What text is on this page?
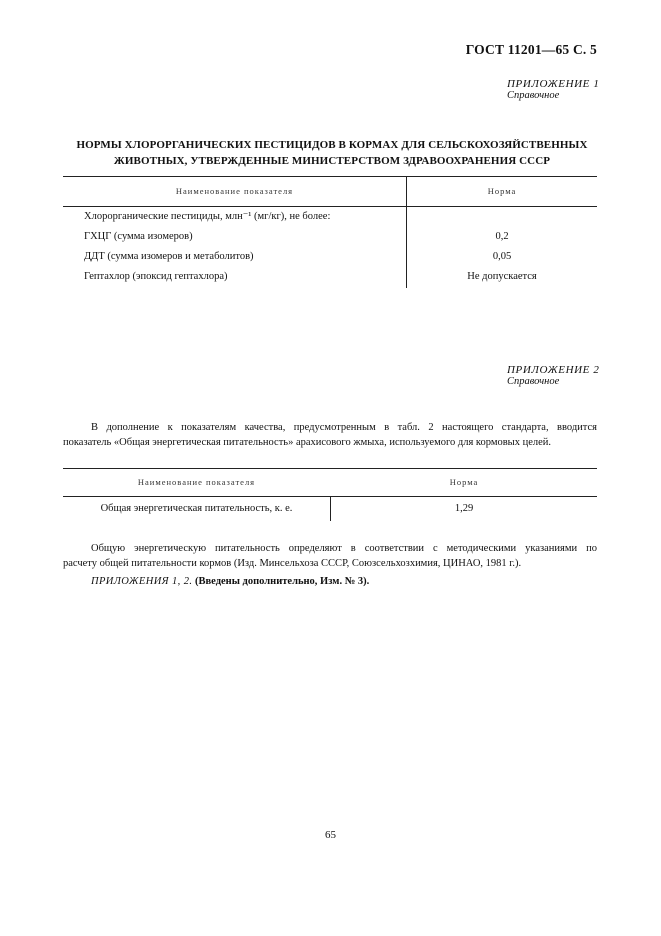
ГОСТ 11201—65 С. 5
ПРИЛОЖЕНИЕ 1
Справочное
НОРМЫ ХЛОРОРГАНИЧЕСКИХ ПЕСТИЦИДОВ В КОРМАХ ДЛЯ СЕЛЬСКОХОЗЯЙСТВЕННЫХ
ЖИВОТНЫХ, УТВЕРЖДЕННЫЕ МИНИСТЕРСТВОМ ЗДРАВООХРАНЕНИЯ СССР
Наименование показателя	Норма
Хлорорганические пестициды, млн⁻¹ (мг/кг), не более:
ГХЦГ (сумма изомеров)	0,2
ДДТ (сумма изомеров и метаболитов)	0,05
Гептахлор (эпоксид гептахлора)	Не допускается
ПРИЛОЖЕНИЕ 2
Справочное
В дополнение к показателям качества, предусмотренным в табл. 2 настоящего стандарта, вводится
показатель «Общая энергетическая питательность» арахисового жмыха, используемого для кормовых целей.
Наименование показателя	Норма
Общая энергетическая питательность, к. е.	1,29
Общую энергетическую питательность определяют в соответствии с методическими указаниями по
расчету общей питательности кормов (Изд. Минсельхоза СССР, Союзсельхозхимия, ЦИНАО, 1981 г.).
ПРИЛОЖЕНИЯ 1, 2. (Введены дополнительно, Изм. № 3).
65
